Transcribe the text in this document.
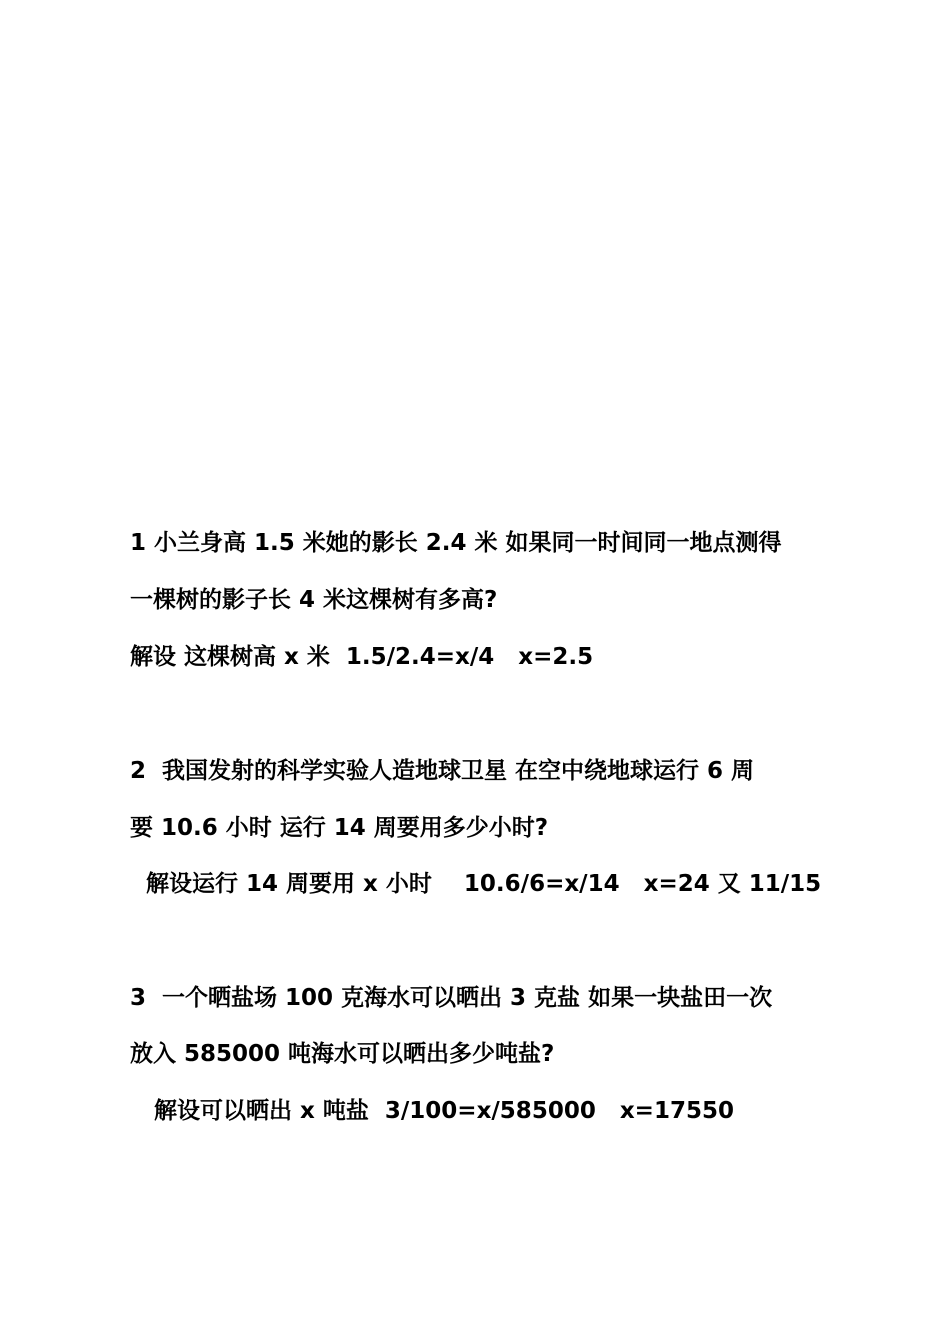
1 小兰身高 1.5 米她的影长 2.4 米 如果同一时间同一地点测得
一棵树的影子长 4 米这棵树有多高?
解设 这棵树高 x 米  1.5/2.4=x/4   x=2.5
2  我国发射的科学实验人造地球卫星 在空中绕地球运行 6 周
要 10.6 小时 运行 14 周要用多少小时?
解设运行 14 周要用 x 小时    10.6/6=x/14   x=24 又 11/15
3  一个晒盐场 100 克海水可以晒出 3 克盐 如果一块盐田一次
放入 585000 吨海水可以晒出多少吨盐?
解设可以晒出 x 吨盐  3/100=x/585000   x=17550
